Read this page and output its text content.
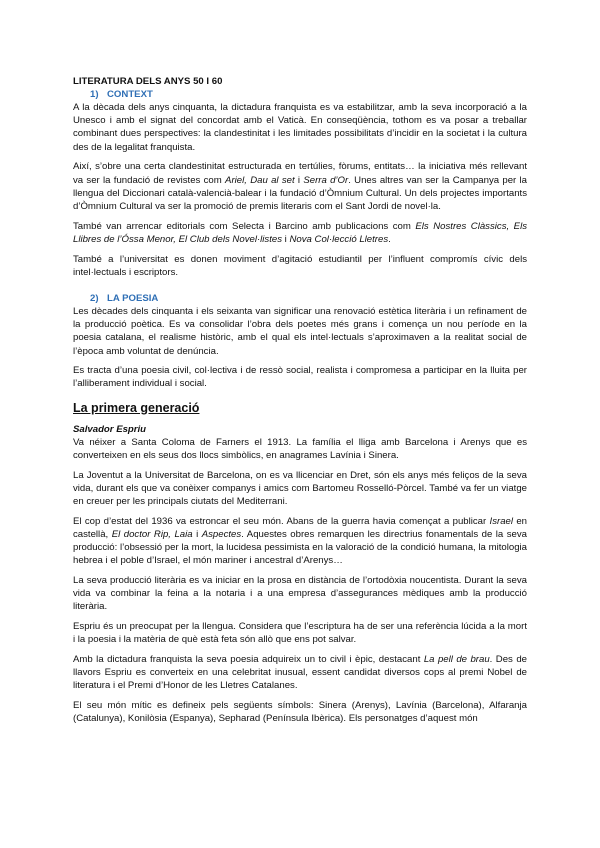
LITERATURA DELS ANYS 50 I 60
1) CONTEXT

A la dècada dels anys cinquanta, la dictadura franquista es va estabilitzar, amb la seva incorporació a la Unesco i amb el signat del concordat amb el Vaticà. En conseqüència, tothom es va posar a treballar combinant dues perspectives: la clandestinitat i les limitades possibilitats d’incidir en la societat i la cultura des de la legalitat franquista.

Així, s’obre una certa clandestinitat estructurada en tertúlies, fòrums, entitats… la iniciativa més rellevant va ser la fundació de revistes com Ariel, Dau al set i Serra d’Or. Unes altres van ser la Campanya per la llengua del Diccionari català-valencià-balear i la fundació d’Òmnium Cultural. Un dels projectes importants d’Òmnium Cultural va ser la promoció de premis literaris com el Sant Jordi de novel·la.

També van arrencar editorials com Selecta i Barcino amb publicacions com Els Nostres Clàssics, Els Llibres de l’Óssa Menor, El Club dels Novel·listes i Nova Col·lecció Lletres.

També a l’universitat es donen moviment d’agitació estudiantil per l’influent compromís cívic dels intel·lectuals i escriptors.

2) LA POESIA

Les dècades dels cinquanta i els seixanta van significar una renovació estètica literària i un refinament de la producció poètica. Es va consolidar l’obra dels poetes més grans i comença un nou període en la poesia catalana, el realisme històric, amb el qual els intel·lectuals s’aproximaven a la realitat social de l’època amb voluntat de denúncia.

Es tracta d’una poesia civil, col·lectiva i de ressò social, realista i compromesa a participar en la lluita per l’alliberament individual i social.

La primera generació
Salvador Espriu

Va néixer a Santa Coloma de Farners el 1913. La família el lliga amb Barcelona i Arenys que es converteixen en els seus dos llocs simbòlics, en anagrames Lavínia i Sinera.

La Joventut a la Universitat de Barcelona, on es va llicenciar en Dret, són els anys més feliços de la seva vida, durant els que va conèixer companys i amics com Bartomeu Rosselló-Pòrcel. També va fer un viatge en creuer per les principals ciutats del Mediterrani.

El cop d’estat del 1936 va estroncar el seu món. Abans de la guerra havia començat a publicar Israel en castellà, El doctor Rip, Laia i Aspectes. Aquestes obres remarquen les directrius fonamentals de la seva producció: l’obsessió per la mort, la lucidesa pessimista en la valoració de la condició humana, la mitologia hebrea i el poble d’Israel, el món mariner i ancestral d’Arenys…

La seva producció literària es va iniciar en la prosa en distància de l’ortodòxia noucentista. Durant la seva vida va combinar la feina a la notaria i a una empresa d’assegurances mèdiques amb la producció literària.

Espriu és un preocupat per la llengua. Considera que l’escriptura ha de ser una referència lúcida a la mort i la poesia i la matèria de què està feta són allò que ens pot salvar.

Amb la dictadura franquista la seva poesia adquireix un to civil i èpic, destacant La pell de brau. Des de llavors Espriu es converteix en una celebritat inusual, essent candidat diversos cops al premi Nobel de literatura i el Premi d’Honor de les Lletres Catalanes.

El seu món mític es defineix pels següents símbols: Sinera (Arenys), Lavínia (Barcelona), Alfaranja (Catalunya), Konilòsia (Espanya), Sepharad (Península Ibèrica). Els personatges d’aquest món
